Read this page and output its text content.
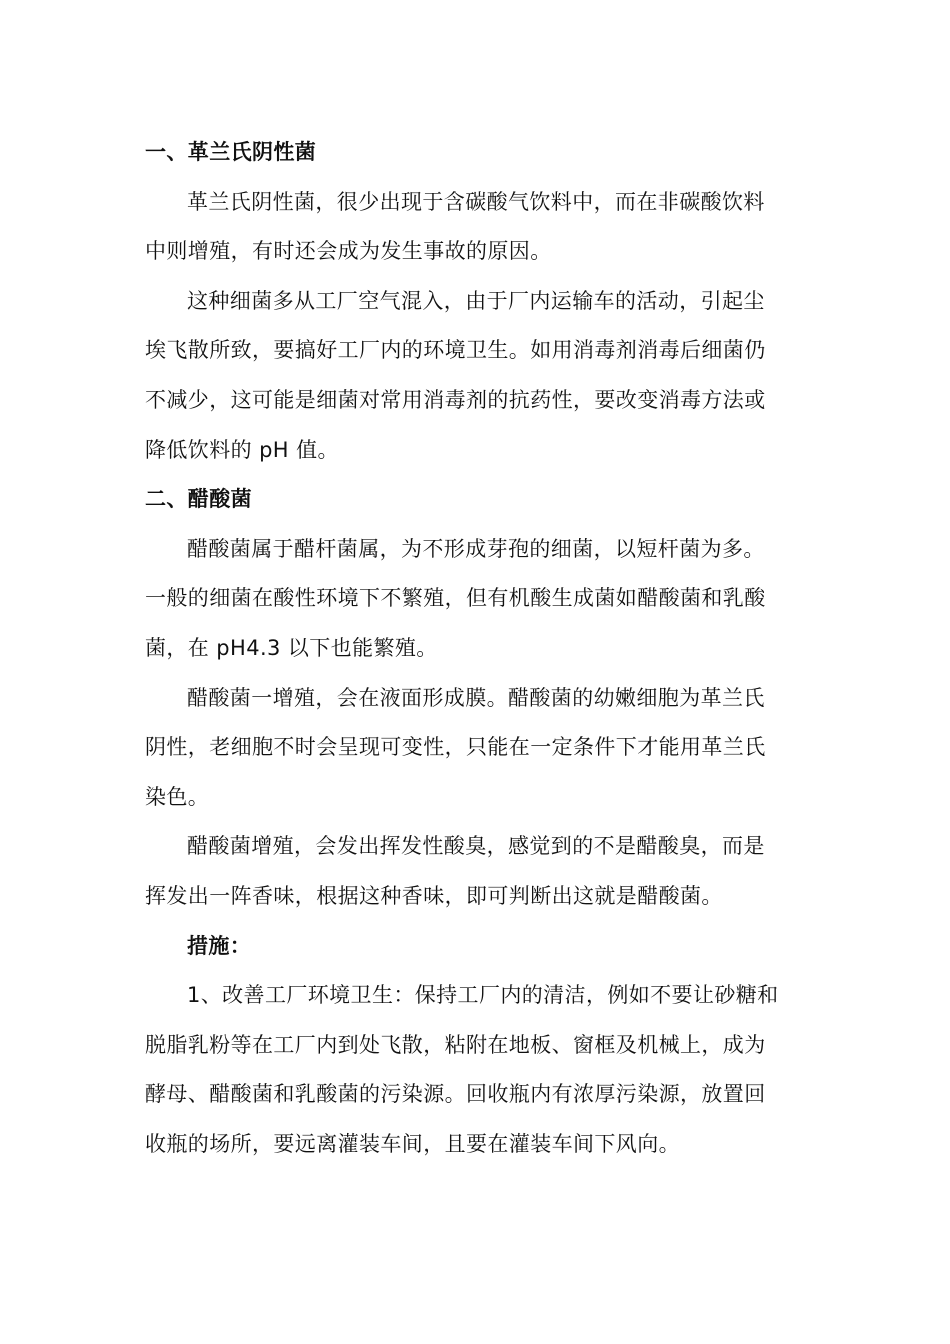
一、革兰氏阴性菌
革兰氏阴性菌，很少出现于含碳酸气饮料中，而在非碳酸饮料
中则增殖，有时还会成为发生事故的原因。
这种细菌多从工厂空气混入，由于厂内运输车的活动，引起尘
埃飞散所致，要搞好工厂内的环境卫生。如用消毒剂消毒后细菌仍
不减少，这可能是细菌对常用消毒剂的抗药性，要改变消毒方法或
降低饮料的 pH 值。
二、醋酸菌
醋酸菌属于醋杆菌属，为不形成芽孢的细菌，以短杆菌为多。
一般的细菌在酸性环境下不繁殖，但有机酸生成菌如醋酸菌和乳酸
菌，在 pH4.3 以下也能繁殖。
醋酸菌一增殖，会在液面形成膜。醋酸菌的幼嫩细胞为革兰氏
阴性，老细胞不时会呈现可变性，只能在一定条件下才能用革兰氏
染色。
醋酸菌增殖，会发出挥发性酸臭，感觉到的不是醋酸臭，而是
挥发出一阵香味，根据这种香味，即可判断出这就是醋酸菌。
措施：
1、改善工厂环境卫生：保持工厂内的清洁，例如不要让砂糖和
脱脂乳粉等在工厂内到处飞散，粘附在地板、窗框及机械上，成为
酵母、醋酸菌和乳酸菌的污染源。回收瓶内有浓厚污染源，放置回
收瓶的场所，要远离灌装车间，且要在灌装车间下风向。
